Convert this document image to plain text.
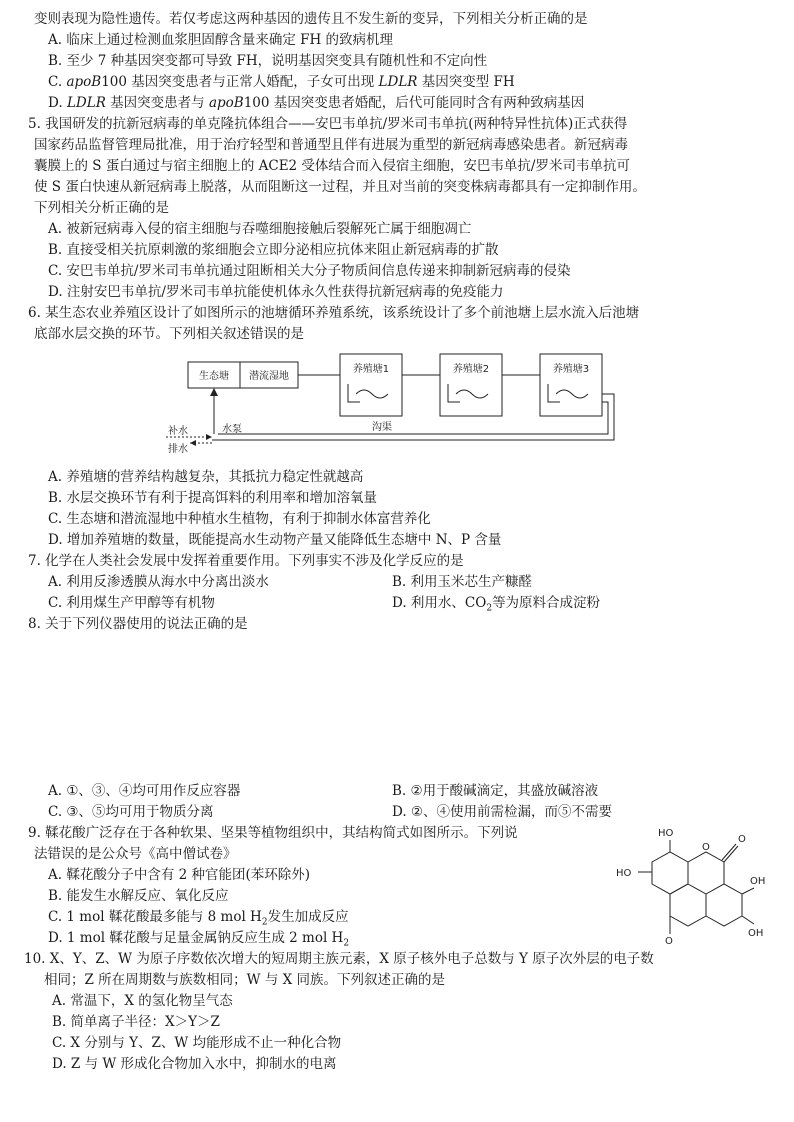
变则表现为隐性遗传。若仅考虑这两种基因的遗传且不发生新的变异，下列相关分析正确的是
A. 临床上通过检测血浆胆固醇含量来确定 FH 的致病机理
B. 至少 7 种基因突变都可导致 FH，说明基因突变具有随机性和不定向性
C. apoB100 基因突变患者与正常人婚配，子女可出现 LDLR 基因突变型 FH
D. LDLR 基因突变患者与 apoB100 基因突变患者婚配，后代可能同时含有两种致病基因
5. 我国研发的抗新冠病毒的单克隆抗体组合——安巴韦单抗/罗米司韦单抗(两种特异性抗体)正式获得
国家药品监督管理局批准，用于治疗轻型和普通型且伴有进展为重型的新冠病毒感染患者。新冠病毒
囊膜上的 S 蛋白通过与宿主细胞上的 ACE2 受体结合而入侵宿主细胞，安巴韦单抗/罗米司韦单抗可
使 S 蛋白快速从新冠病毒上脱落，从而阻断这一过程，并且对当前的突变株病毒都具有一定抑制作用。
下列相关分析正确的是
A. 被新冠病毒入侵的宿主细胞与吞噬细胞接触后裂解死亡属于细胞凋亡
B. 直接受相关抗原刺激的浆细胞会立即分泌相应抗体来阻止新冠病毒的扩散
C. 安巴韦单抗/罗米司韦单抗通过阻断相关大分子物质间信息传递来抑制新冠病毒的侵染
D. 注射安巴韦单抗/罗米司韦单抗能使机体永久性获得抗新冠病毒的免疫能力
6. 某生态农业养殖区设计了如图所示的池塘循环养殖系统，该系统设计了多个前池塘上层水流入后池塘
底部水层交换的环节。下列相关叙述错误的是
生态塘 潜流湿地
养殖塘1	养殖塘2	养殖塘3
沟渠
水泵
补水
排水
A. 养殖塘的营养结构越复杂，其抵抗力稳定性就越高
B. 水层交换环节有利于提高饵料的利用率和增加溶氧量
C. 生态塘和潜流湿地中种植水生植物，有利于抑制水体富营养化
D. 增加养殖塘的数量，既能提高水生动物产量又能降低生态塘中 N、P 含量
7. 化学在人类社会发展中发挥着重要作用。下列事实不涉及化学反应的是
A. 利用反渗透膜从海水中分离出淡水	B. 利用玉米芯生产糠醛
C. 利用煤生产甲醇等有机物	D. 利用水、$CO_2$等为原料合成淀粉
8. 关于下列仪器使用的说法正确的是
A. ①、③、④均可用作反应容器	B. ②用于酸碱滴定，其盛放碱溶液
C. ③、⑤均可用于物质分离	D. ②、④使用前需检漏，而⑤不需要
9. 鞣花酸广泛存在于各种软果、坚果等植物组织中，其结构简式如图所示。下列说
法错误的是公众号《高中僧试卷》
A. 鞣花酸分子中含有 2 种官能团(苯环除外)
B. 能发生水解反应、氧化反应
C. 1 mol 鞣花酸最多能与 8 mol $H_2$发生加成反应
D. 1 mol 鞣花酸与足量金属钠反应生成 2 mol $H_2$
O
O
O
HO
HO
OH
OH
10. X、Y、Z、W 为原子序数依次增大的短周期主族元素，X 原子核外电子总数与 Y 原子次外层的电子数
相同；Z 所在周期数与族数相同；W 与 X 同族。下列叙述正确的是
A. 常温下，X 的氢化物呈气态
B. 简单离子半径：X＞Y＞Z
C. X 分别与 Y、Z、W 均能形成不止一种化合物
D. Z 与 W 形成化合物加入水中，抑制水的电离
